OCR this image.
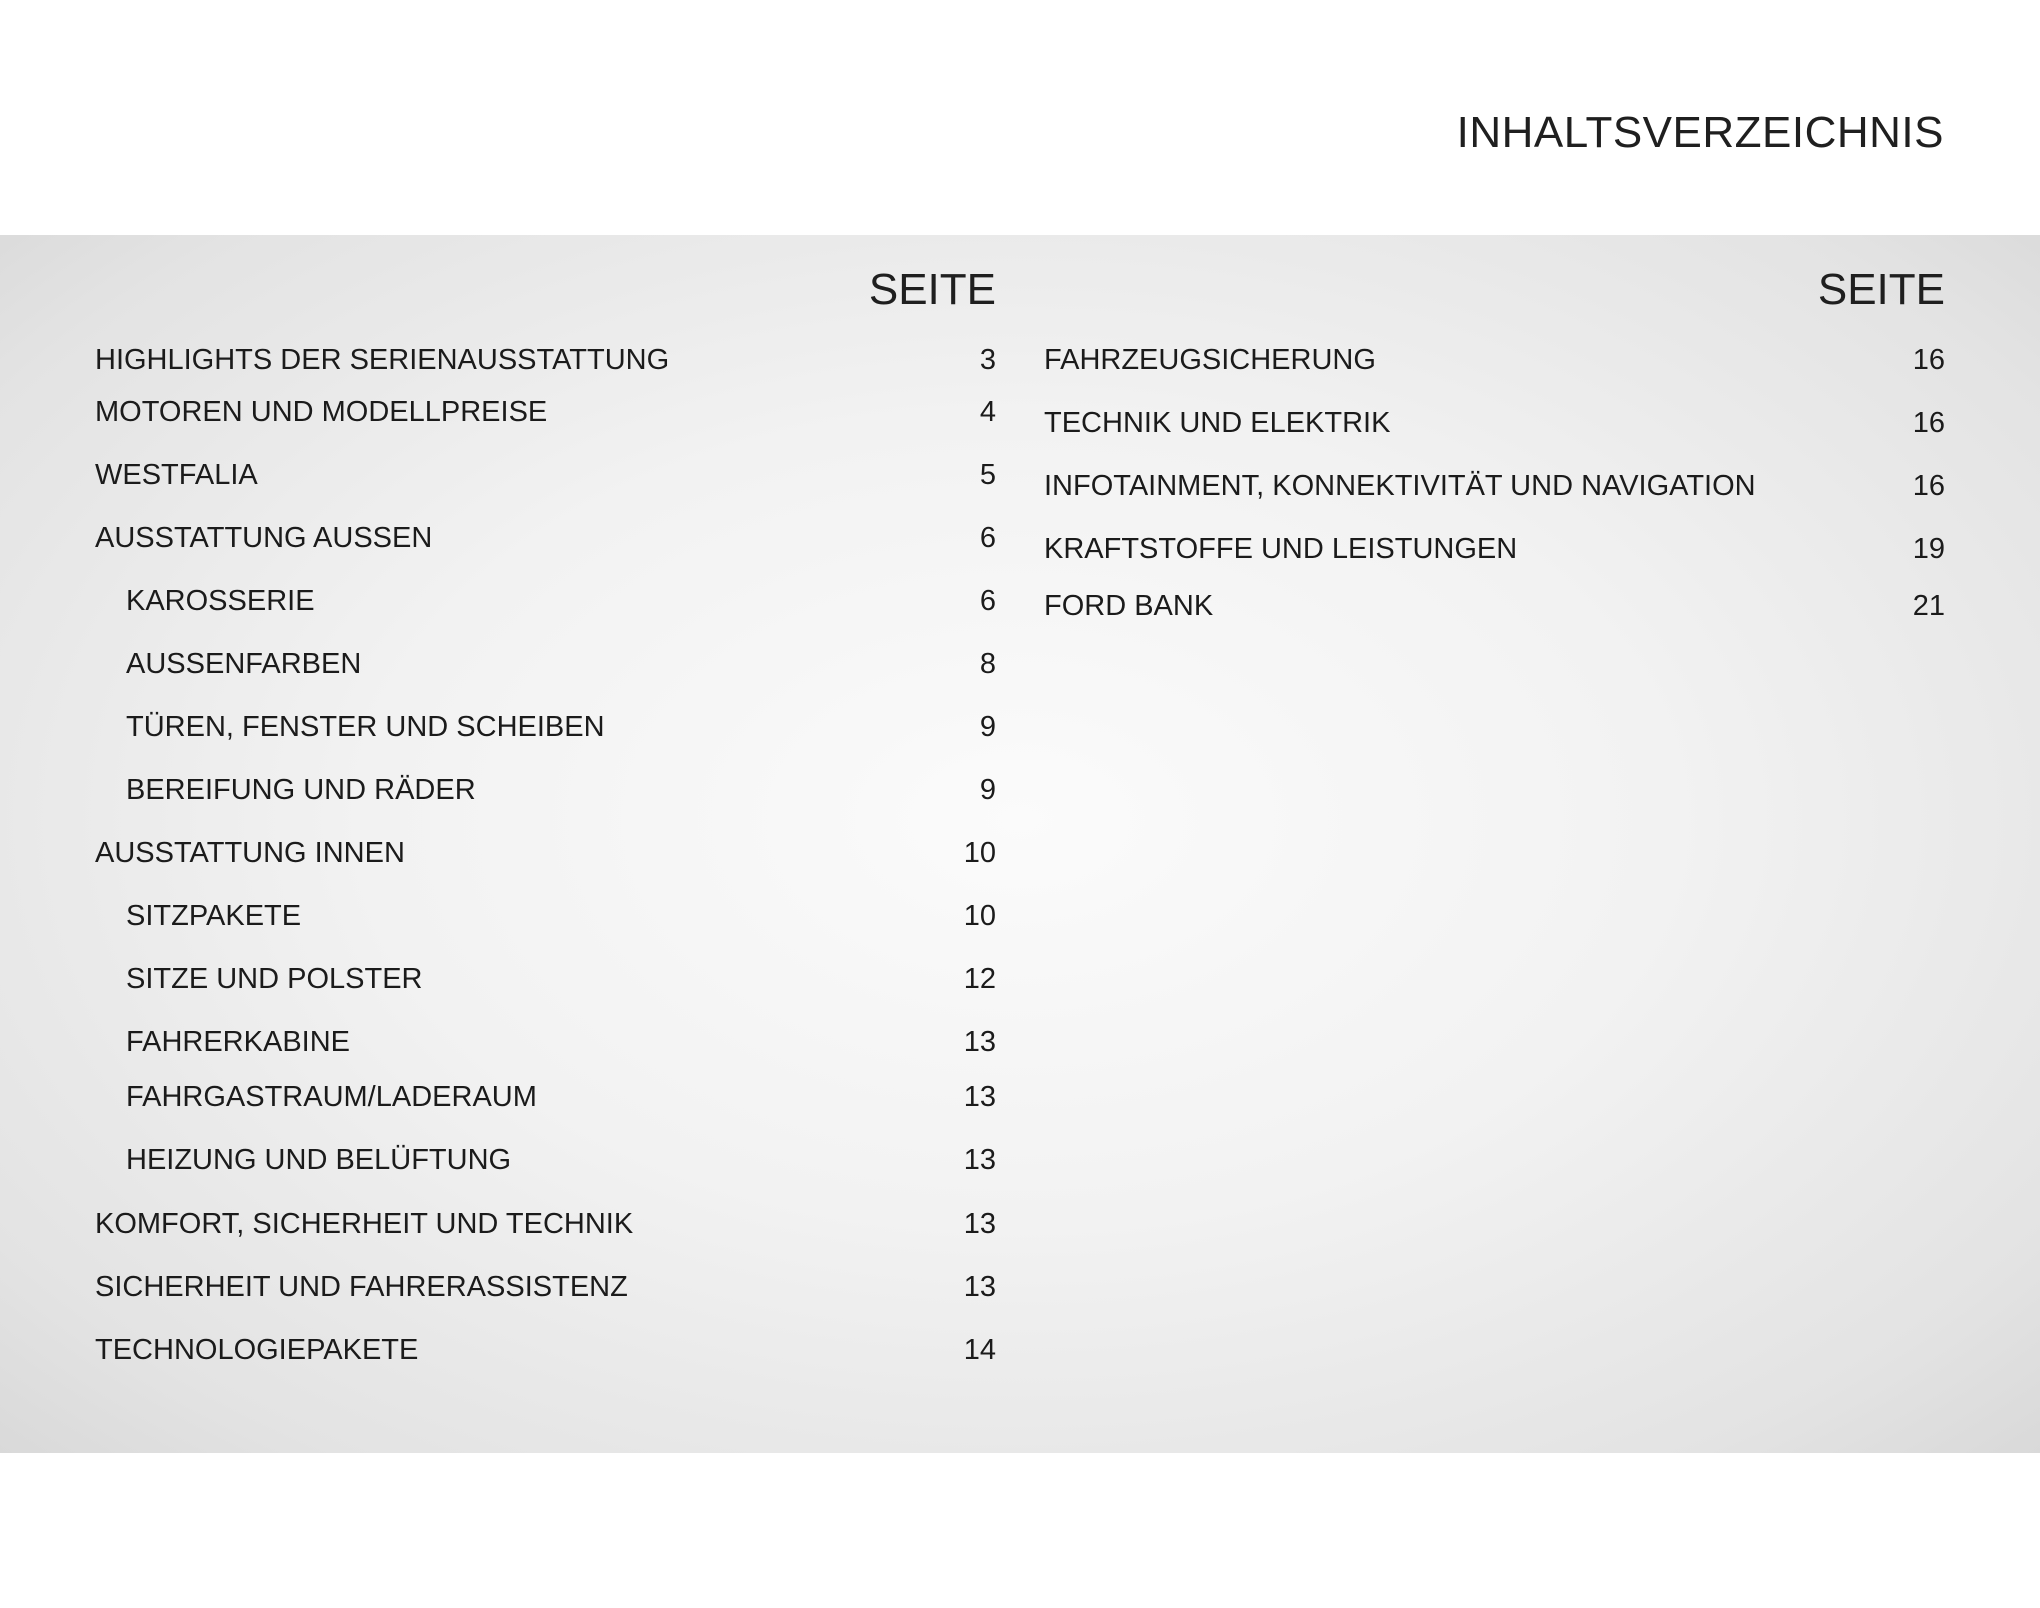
INHALTSVERZEICHNIS
SEITE
HIGHLIGHTS DER SERIENAUSSTATTUNG	3
MOTOREN UND MODELLPREISE	4
WESTFALIA	5
AUSSTATTUNG AUSSEN	6
KAROSSERIE	6
AUSSENFARBEN	8
TÜREN, FENSTER UND SCHEIBEN	9
BEREIFUNG UND RÄDER	9
AUSSTATTUNG INNEN	10
SITZPAKETE	10
SITZE UND POLSTER	12
FAHRERKABINE	13
FAHRGASTRAUM/LADERAUM	13
HEIZUNG UND BELÜFTUNG	13
KOMFORT, SICHERHEIT UND TECHNIK	13
SICHERHEIT UND FAHRERASSISTENZ	13
TECHNOLOGIEPAKETE	14
SEITE
FAHRZEUGSICHERUNG	16
TECHNIK UND ELEKTRIK	16
INFOTAINMENT, KONNEKTIVITÄT UND NAVIGATION	16
KRAFTSTOFFE UND LEISTUNGEN	19
FORD BANK	21
